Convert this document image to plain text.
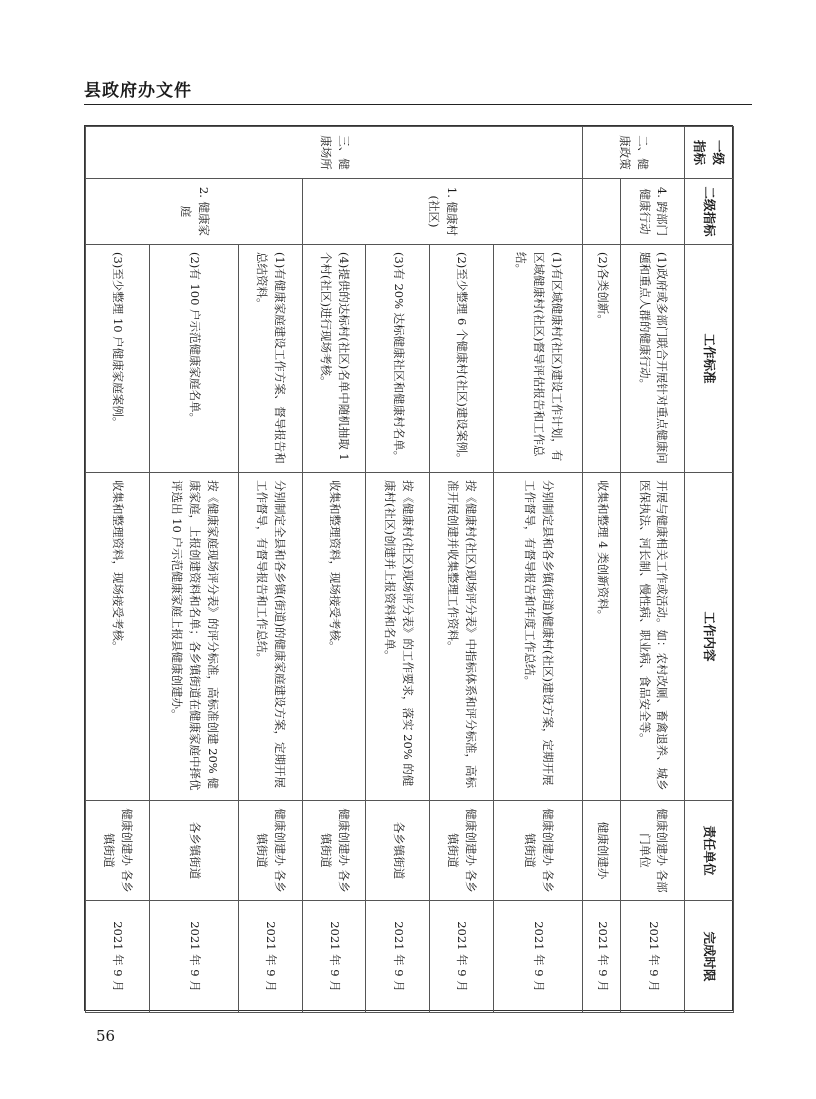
县政府办文件
一级指标	二级指标	工作标准	工作内容	责任单位	完成时限
二、健康政策	4. 跨部门健康行动	(1)政府或多部门联合开展针对重点健康问题和重点人群的健康行动。	开展与健康相关工作或活动。如：农村改厕、畜禽退养、城乡医保执法、河长制、慢性病、职业病、食品安全等。	健康创建办 各部门单位	2021 年 9 月
		(2)各类创新。	收集和整理 4 类创新资料。	健康创建办	2021 年 9 月
三、健康场所	1. 健康村(社区)	(1)有区域健康村(社区)建设工作计划，有区域健康村(社区)督导评估报告和工作总结。	分别制定县和各乡镇(街道)健康村(社区)建设方案，定期开展工作督导，有督导报告和年度工作总结。	健康创建办 各乡镇街道	2021 年 9 月
		(2)至少整理 6 个健康村(社区)建设案例。	按《健康村(社区)现场评分表》中指标体系和评分标准，高标准开展创建并收集整理工作资料。	健康创建办 各乡镇街道	2021 年 9 月
		(3)有 20% 达标健康社区和健康村名单。	按《健康村(社区)现场评分表》的工作要求，落实 20% 的健康村(社区)创建并上报资料和名单。	各乡镇街道	2021 年 9 月
		(4)提供的达标村(社区)名单中随机抽取 1 个村(社区)进行现场考核。	收集和整理资料，现场接受考核。	健康创建办 各乡镇街道	2021 年 9 月
	2. 健康家庭	(1)有健康家庭建设工作方案、督导报告和总结资料。	分别制定全县和各乡镇(街道)的健康家庭建设方案，定期开展工作督导，有督导报告和工作总结。	健康创建办 各乡镇街道	2021 年 9 月
		(2)有 100 户示范健康家庭名单。	按《健康家庭现场评分表》的评分标准，高标准创建 20% 健康家庭，上报创建资料和名单；各乡镇街道在健康家庭中择优评选出 10 户示范健康家庭上报县健康创建办。	各乡镇街道	2021 年 9 月
		(3)至少整理 10 户健康家庭案例。	收集和整理资料，现场接受考核。	健康创建办 各乡镇街道	2021 年 9 月
56
